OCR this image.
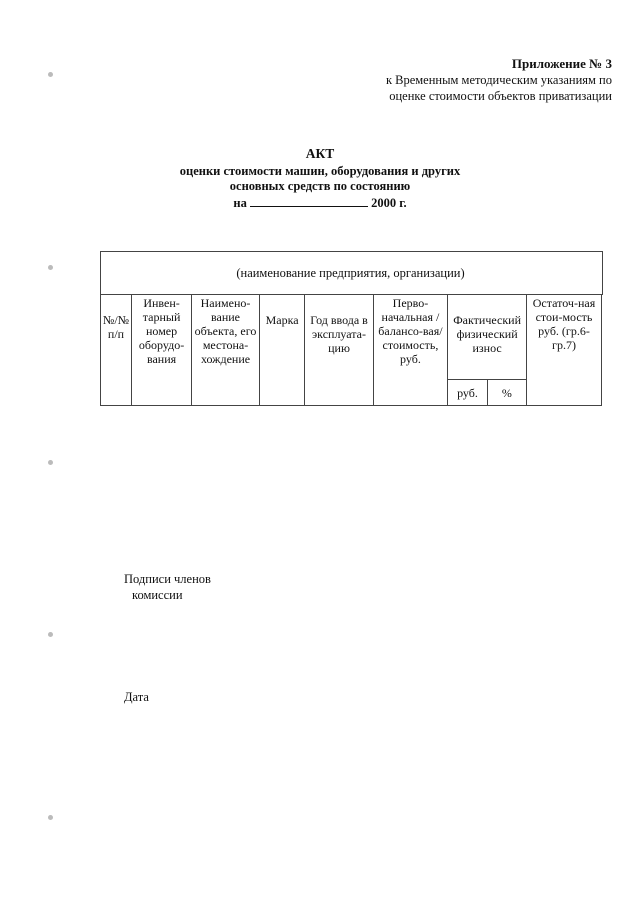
Приложение № 3
к Временным методическим указаниям по
оценке стоимости объектов приватизации
АКТ
оценки стоимости машин, оборудования и других
основных средств по состоянию
на	2000 г.
(наименование предприятия, организации)
№/№ п/п	Инвен-тарный номер оборудо-вания	Наимено-вание объекта, его местона-хождение	Марка	Год ввода в эксплуата-цию	Перво-начальная /балансо-вая/ стоимость, руб.	Фактический физический износ		Остаточ-ная стои-мость руб. (гр.6-гр.7)
						руб.	%	
Подписи членов
комиссии
Дата
